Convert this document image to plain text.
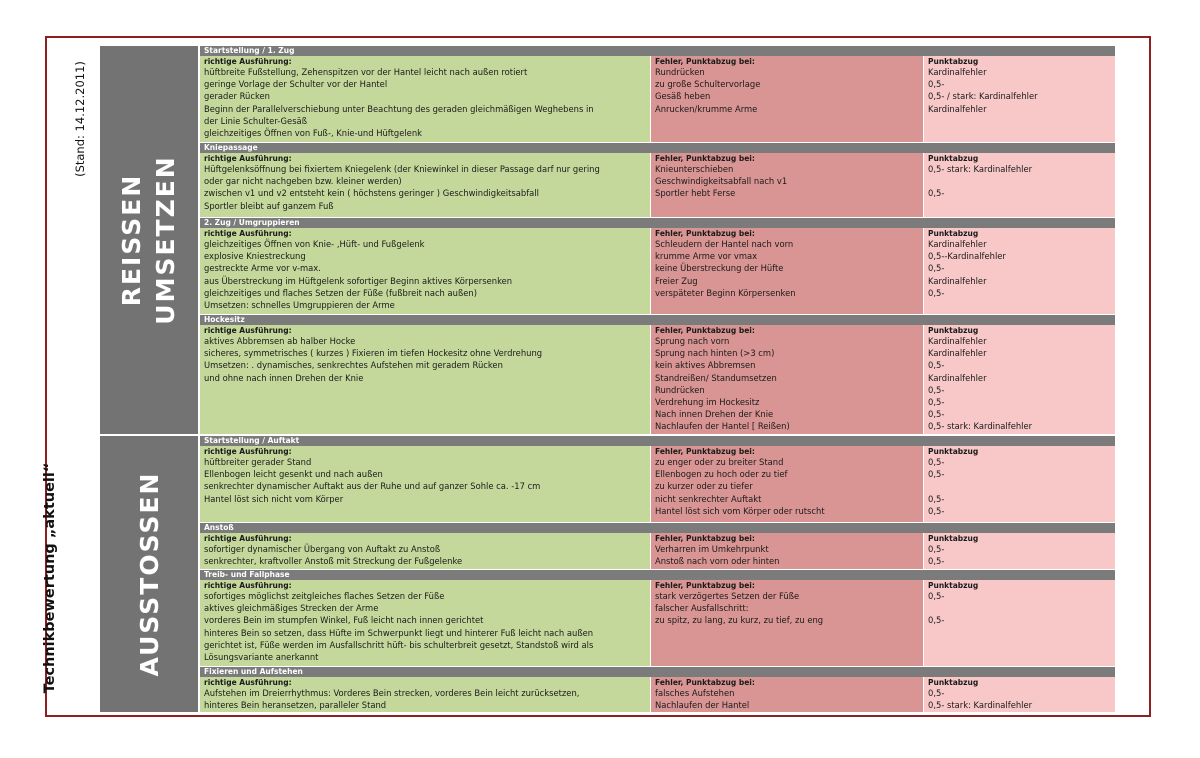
Technikbewertung „aktuell“
(Stand: 14.12.2011)
REISSEN UMSETZEN
AUSSTOSSEN
Startstellung / 1. Zug
richtige Ausführung:
hüftbreite Fußstellung, Zehenspitzen vor der Hantel leicht nach außen rotiert
geringe Vorlage der Schulter vor der Hantel
gerader Rücken
Beginn der Parallelverschiebung unter Beachtung des geraden gleichmäßigen Weghebens in
der Linie Schulter-Gesäß
gleichzeitiges Öffnen von Fuß-, Knie-und Hüftgelenk
Fehler, Punktabzug bei:
Rundrücken
zu große Schultervorlage
Gesäß heben
Anrucken/krumme Arme
Punktabzug
Kardinalfehler
0,5-
0,5- / stark: Kardinalfehler
Kardinalfehler
Kniepassage
richtige Ausführung:
Hüftgelenksöffnung bei fixiertem Kniegelenk (der Kniewinkel in dieser Passage darf nur gering
oder gar nicht nachgeben bzw. kleiner werden)
zwischen v1 und v2 entsteht kein ( höchstens geringer ) Geschwindigkeitsabfall
Sportler bleibt auf ganzem Fuß
Fehler, Punktabzug bei:
Knieunterschieben
Geschwindigkeitsabfall nach v1
Sportler hebt Ferse
Punktabzug
0,5- stark: Kardinalfehler

0,5-
2. Zug / Umgruppieren
richtige Ausführung:
gleichzeitiges Öffnen von Knie- ,Hüft- und Fußgelenk
explosive Kniestreckung
gestreckte Arme vor v-max.
aus Überstreckung im Hüftgelenk sofortiger Beginn aktives Körpersenken
gleichzeitiges und flaches Setzen der Füße (fußbreit nach außen)
Umsetzen: schnelles Umgruppieren der Arme
Fehler, Punktabzug bei:
Schleudern der Hantel nach vorn
krumme Arme vor vmax
keine Überstreckung der Hüfte
Freier Zug
verspäteter Beginn Körpersenken
Punktabzug
Kardinalfehler
0,5--Kardinalfehler
0,5-
Kardinalfehler
0,5-
Hockesitz
richtige Ausführung:
aktives Abbremsen ab halber Hocke
sicheres, symmetrisches ( kurzes ) Fixieren im tiefen Hockesitz ohne Verdrehung
Umsetzen: . dynamisches, senkrechtes Aufstehen mit geradem Rücken
und ohne nach innen Drehen der Knie
Fehler, Punktabzug bei:
Sprung nach vorn
Sprung nach hinten (>3 cm)
kein aktives Abbremsen
Standreißen/ Standumsetzen
Rundrücken
Verdrehung im Hockesitz
Nach innen Drehen der Knie
Nachlaufen der Hantel [ Reißen)
Punktabzug
Kardinalfehler
Kardinalfehler
0,5-
Kardinalfehler
0,5-
0,5-
0,5-
0,5- stark: Kardinalfehler
Startstellung / Auftakt
richtige Ausführung:
hüftbreiter gerader Stand
Ellenbogen leicht gesenkt und nach außen
senkrechter dynamischer Auftakt aus der Ruhe und auf ganzer Sohle ca. -17 cm
Hantel löst sich nicht vom Körper
Fehler, Punktabzug bei:
zu enger oder zu breiter Stand
Ellenbogen zu hoch oder zu tief
zu kurzer oder zu tiefer
nicht senkrechter Auftakt
Hantel löst sich vom Körper oder rutscht
Punktabzug
0,5-
0,5-

0,5-
0,5-
Anstoß
richtige Ausführung:
sofortiger dynamischer Übergang von Auftakt zu Anstoß
senkrechter, kraftvoller Anstoß mit Streckung der Fußgelenke
Fehler, Punktabzug bei:
Verharren im Umkehrpunkt
Anstoß nach vorn oder hinten
Punktabzug
0,5-
0,5-
Treib- und Fallphase
richtige Ausführung:
sofortiges möglichst zeitgleiches flaches Setzen der Füße
aktives gleichmäßiges Strecken der Arme
vorderes Bein im stumpfen Winkel, Fuß leicht nach innen gerichtet
hinteres Bein so setzen, dass Hüfte im Schwerpunkt liegt und hinterer Fuß leicht nach außen
gerichtet ist, Füße werden im Ausfallschritt hüft- bis schulterbreit gesetzt, Standstoß wird als
Lösungsvariante anerkannt
Fehler, Punktabzug bei:
stark verzögertes Setzen der Füße
falscher Ausfallschritt:
zu spitz, zu lang, zu kurz, zu tief, zu eng
Punktabzug
0,5-

0,5-
Fixieren und Aufstehen
richtige Ausführung:
Aufstehen im Dreierrhythmus: Vorderes Bein strecken, vorderes Bein leicht zurücksetzen,
hinteres Bein heransetzen, paralleler Stand
Fehler, Punktabzug bei:
falsches Aufstehen
Nachlaufen der Hantel
Punktabzug
0,5-
0,5- stark: Kardinalfehler
